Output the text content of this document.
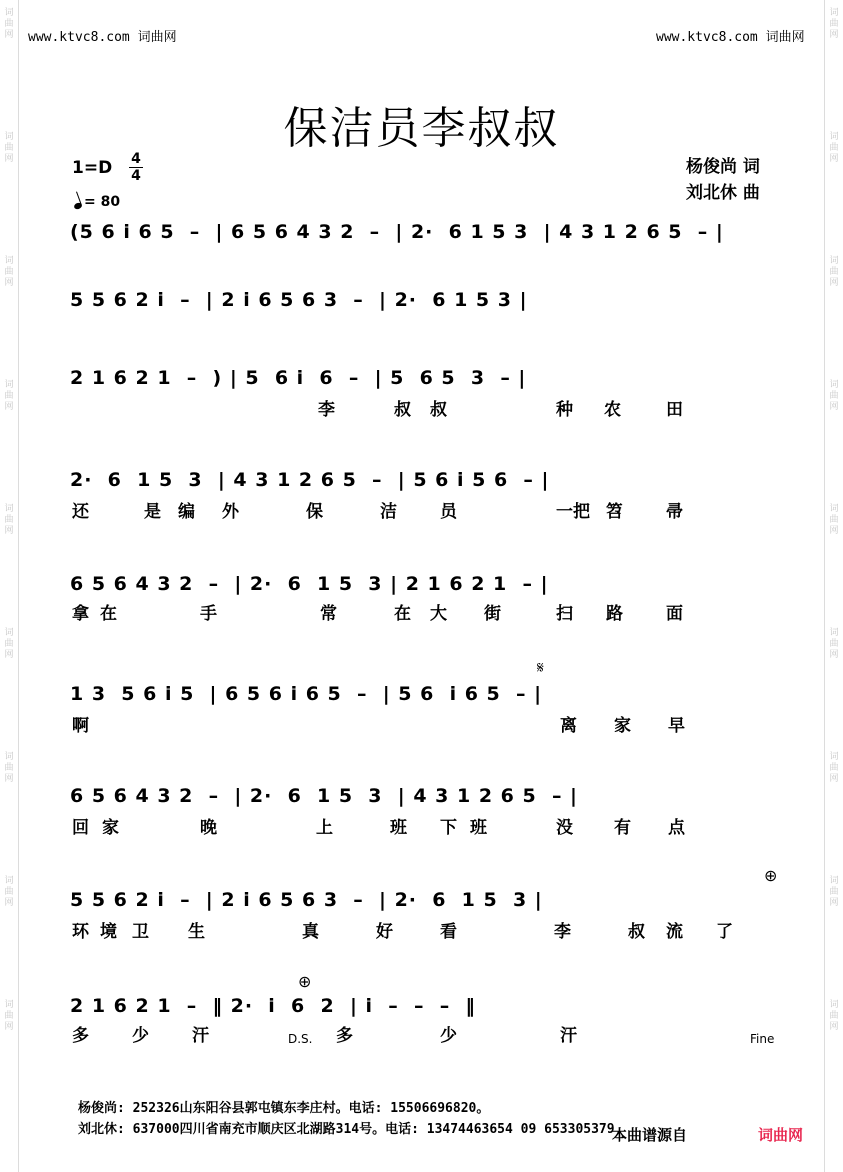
词
曲
网
词
曲
网
词
曲
网
词
曲
网
词
曲
网
词
曲
网
词
曲
网
词
曲
网
词
曲
网
词
曲
网
词
曲
网
词
曲
网
词
曲
网
词
曲
网
词
曲
网
词
曲
网
词
曲
网
词
曲
网
www.ktvc8.com 词曲网	www.ktvc8.com 词曲网
保洁员李叔叔
1=D 4
4
= 80
杨俊尚 词
刘北休 曲
(5 6 i 6 5  –  | 6 5 6 4 3 2  –  | 2·  6 1 5 3  | 4 3 1 2 6 5  – |
5 5 6 2 i  –  | 2 i 6 5 6 3  –  | 2·  6 1 5 3 |
2 1 6 2 1  –  ) | 5  6 i  6  –  | 5  6 5  3  – |
李	叔 叔	种 农	田
2·  6  1 5  3  | 4 3 1 2 6 5  –  | 5 6 i 5 6  – |
还	是 编 外	保	洁	员	一把 笤	帚
6 5 6 4 3 2  –  | 2·  6  1 5  3 | 2 1 6 2 1  – |
拿 在	手	常	在 大 街	扫 路	面
1 3  5 6 i 5  | 6 5 6 i 6 5  –  | 5 6  i 6 5  – |
啊	离 家 早
6 5 6 4 3 2  –  | 2·  6  1 5  3  | 4 3 1 2 6 5  – |
回 家	晚	上	班 下 班	没 有 点
5 5 6 2 i  –  | 2 i 6 5 6 3  –  | 2·  6  1 5  3 |
环 境 卫 生	真	好	看	李	叔 流 了
2 1 6 2 1  –  ‖ 2·  i  6  2  | i  –  –  –  ‖
多	少	汗	D.S. 多	少	汗	Fine
𝄋
⊕
⊕
杨俊尚: 252326山东阳谷县郭屯镇东李庄村。电话: 15506696820。
刘北休: 637000四川省南充市顺庆区北湖路314号。电话: 13474463654 09 653305379
本曲谱源自	词曲网
